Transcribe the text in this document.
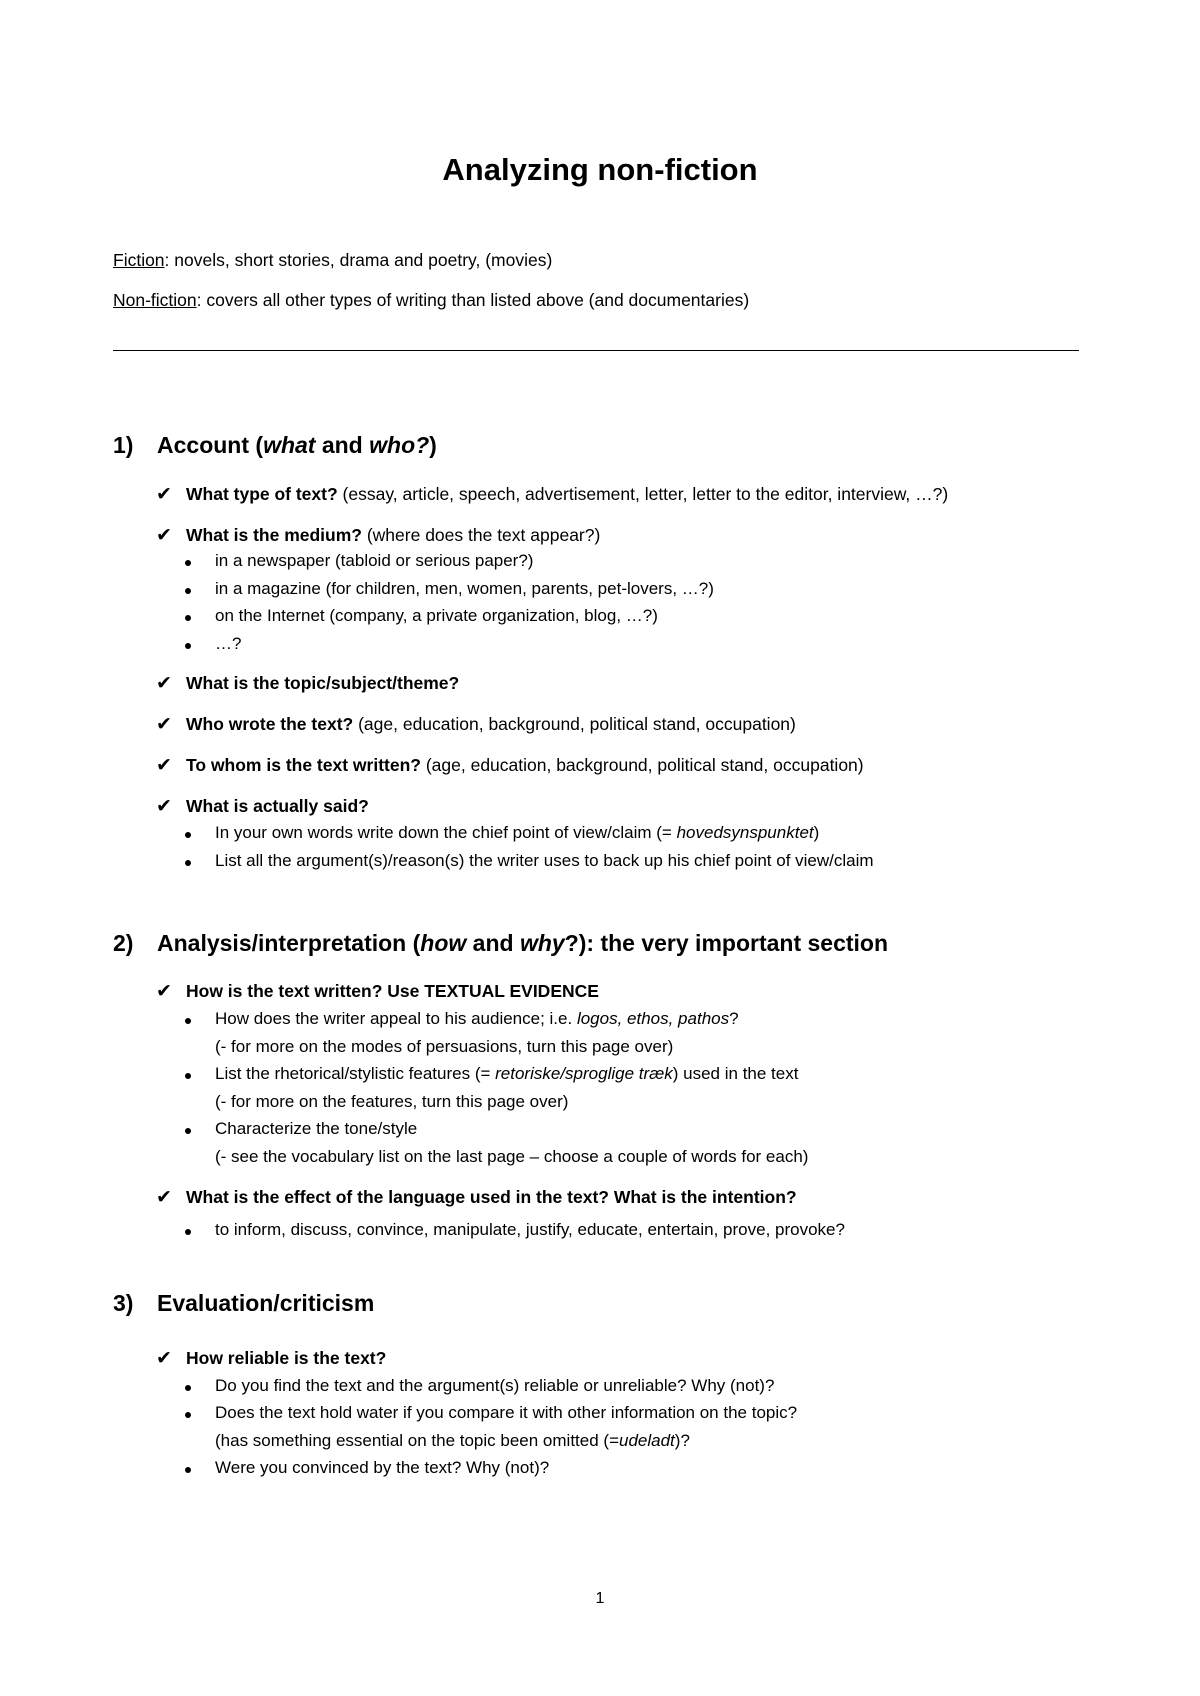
Analyzing non-fiction
Fiction: novels, short stories, drama and poetry, (movies)
Non-fiction: covers all other types of writing than listed above (and documentaries)
1) Account (what and who?)
✔ What type of text? (essay, article, speech, advertisement, letter, letter to the editor, interview, …?)
✔ What is the medium? (where does the text appear?)
in a newspaper (tabloid or serious paper?)
in a magazine (for children, men, women, parents, pet-lovers, …?)
on the Internet (company, a private organization, blog, …?)
…?
✔ What is the topic/subject/theme?
✔ Who wrote the text? (age, education, background, political stand, occupation)
✔ To whom is the text written? (age, education, background, political stand, occupation)
✔ What is actually said?
In your own words write down the chief point of view/claim (= hovedsynspunktet)
List all the argument(s)/reason(s) the writer uses to back up his chief point of view/claim
2) Analysis/interpretation (how and why?): the very important section
✔ How is the text written? Use TEXTUAL EVIDENCE
How does the writer appeal to his audience; i.e. logos, ethos, pathos?
(- for more on the modes of persuasions, turn this page over)
List the rhetorical/stylistic features (= retoriske/sproglige træk) used in the text
(- for more on the features, turn this page over)
Characterize the tone/style
(- see the vocabulary list on the last page – choose a couple of words for each)
✔ What is the effect of the language used in the text? What is the intention?
to inform, discuss, convince, manipulate, justify, educate, entertain, prove, provoke?
3) Evaluation/criticism
✔ How reliable is the text?
Do you find the text and the argument(s) reliable or unreliable? Why (not)?
Does the text hold water if you compare it with other information on the topic?
(has something essential on the topic been omitted (=udeladt)?
Were you convinced by the text? Why (not)?
1
